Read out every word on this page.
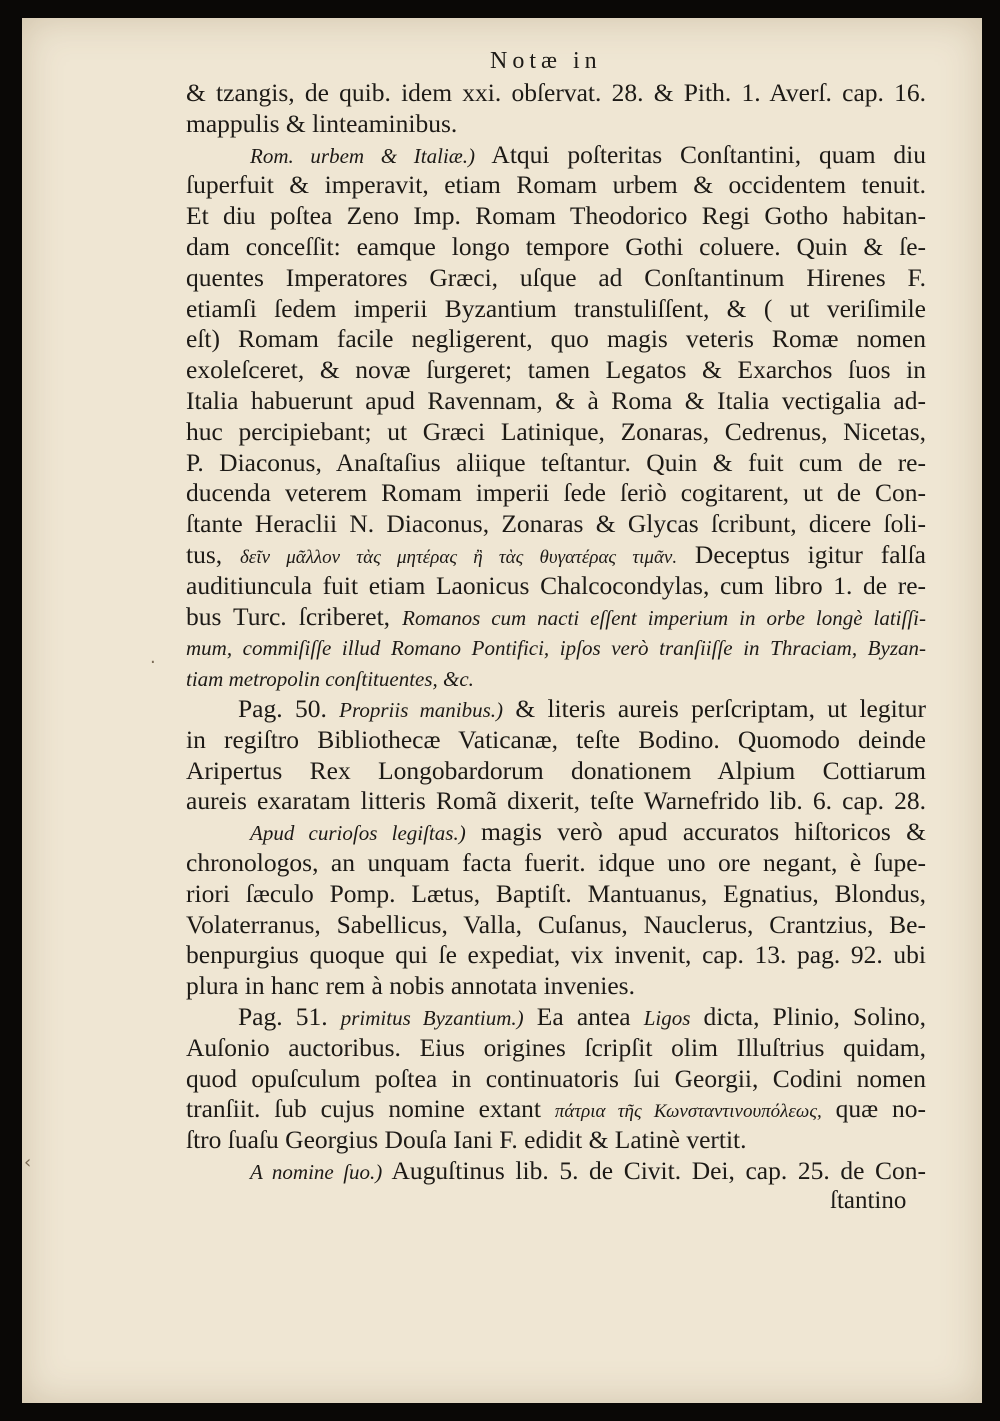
Notæ in
& tzangis, de quib. idem xxi. obſervat. 28. & Pith. 1. Averſ. cap. 16.
mappulis & linteaminibus.
Rom. urbem & Italiæ.) Atqui poſteritas Conſtantini, quam diu
ſuperfuit & imperavit, etiam Romam urbem & occidentem tenuit.
Et diu poſtea Zeno Imp. Romam Theodorico Regi Gotho habitan-
dam conceſſit: eamque longo tempore Gothi coluere. Quin & ſe-
quentes Imperatores Græci, uſque ad Conſtantinum Hirenes F.
etiamſi ſedem imperii Byzantium transtuliſſent, & ( ut veriſimile
eſt) Romam facile negligerent, quo magis veteris Romæ nomen
exoleſceret, & novæ ſurgeret; tamen Legatos & Exarchos ſuos in
Italia habuerunt apud Ravennam, & à Roma & Italia vectigalia ad-
huc percipiebant; ut Græci Latinique, Zonaras, Cedrenus, Nicetas,
P. Diaconus, Anaſtaſius aliique teſtantur. Quin & fuit cum de re-
ducenda veterem Romam imperii ſede ſeriò cogitarent, ut de Con-
ſtante Heraclii N. Diaconus, Zonaras & Glycas ſcribunt, dicere ſoli-
tus, δεῖν μᾶλλον τὰς μητέρας ἢ τὰς θυγατέρας τιμᾶν. Deceptus igitur falſa
auditiuncula fuit etiam Laonicus Chalcocondylas, cum libro 1. de re-
bus Turc. ſcriberet, Romanos cum nacti eſſent imperium in orbe longè latiſſi-
mum, commiſiſſe illud Romano Pontifici, ipſos verò tranſiiſſe in Thraciam, Byzan-
tiam metropolin conſtituentes, &c.
Pag. 50. Propriis manibus.) & literis aureis perſcriptam, ut legitur
in regiſtro Bibliothecæ Vaticanæ, teſte Bodino. Quomodo deinde
Aripertus Rex Longobardorum donationem Alpium Cottiarum
aureis exaratam litteris Romã dixerit, teſte Warnefrido lib. 6. cap. 28.
Apud curioſos legiſtas.) magis verò apud accuratos hiſtoricos &
chronologos, an unquam facta fuerit. idque uno ore negant, è ſupe-
riori ſæculo Pomp. Lætus, Baptiſt. Mantuanus, Egnatius, Blondus,
Volaterranus, Sabellicus, Valla, Cuſanus, Nauclerus, Crantzius, Be-
benpurgius quoque qui ſe expediat, vix invenit, cap. 13. pag. 92. ubi
plura in hanc rem à nobis annotata invenies.
Pag. 51. primitus Byzantium.) Ea antea Ligos dicta, Plinio, Solino,
Auſonio auctoribus. Eius origines ſcripſit olim Illuſtrius quidam,
quod opuſculum poſtea in continuatoris ſui Georgii, Codini nomen
tranſiit. ſub cujus nomine extant πάτρια τῆς Κωνσταντινουπόλεως, quæ no-
ſtro ſuaſu Georgius Douſa Iani F. edidit & Latinè vertit.
A nomine ſuo.) Auguſtinus lib. 5. de Civit. Dei, cap. 25. de Con-
ſtantino
·
‹
